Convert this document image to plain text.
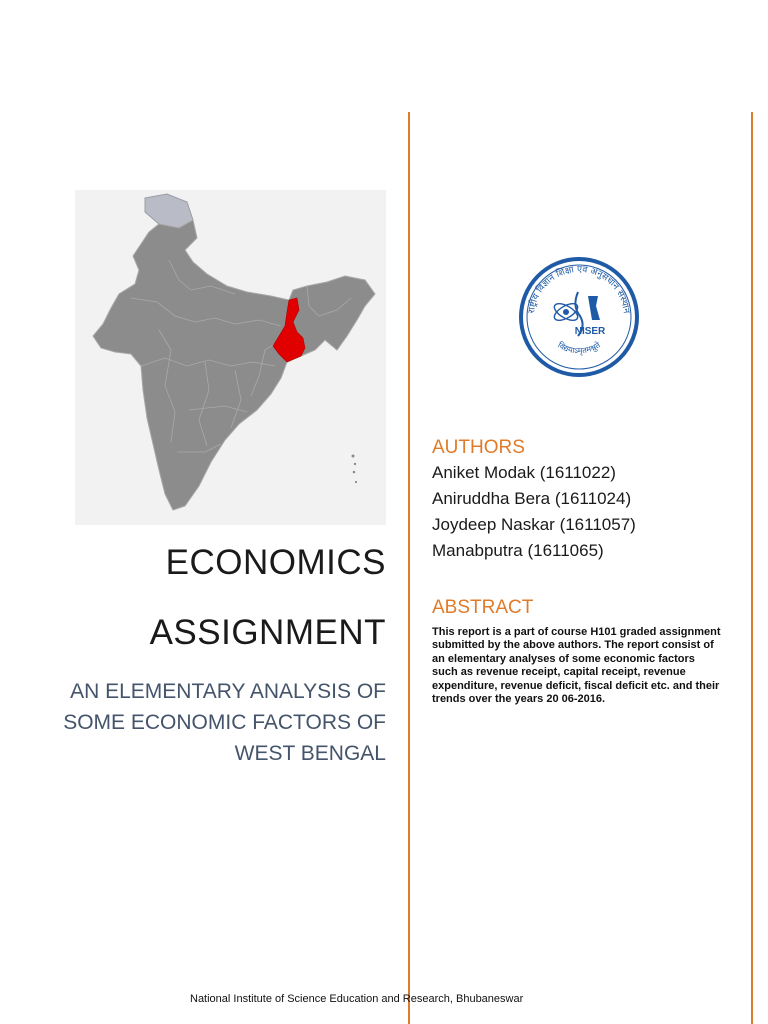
ECONOMICS
ASSIGNMENT
AN ELEMENTARY ANALYSIS OF SOME ECONOMIC FACTORS OF WEST BENGAL
राष्ट्रीय विज्ञान शिक्षा एवं अनुसंधान संस्थान
विद्ययाऽमृतमश्नुते
NISER
AUTHORS
Aniket Modak (1611022)
Aniruddha Bera (1611024)
Joydeep Naskar (1611057)
Manabputra (1611065)
ABSTRACT
This report is a part of course H101 graded assignment submitted by the above authors. The report consist of an elementary analyses of some economic factors such as revenue receipt, capital receipt, revenue expenditure, revenue deficit, fiscal deficit etc. and their trends over the years 20 06-2016.
National Institute of Science Education and Research, Bhubaneswar
